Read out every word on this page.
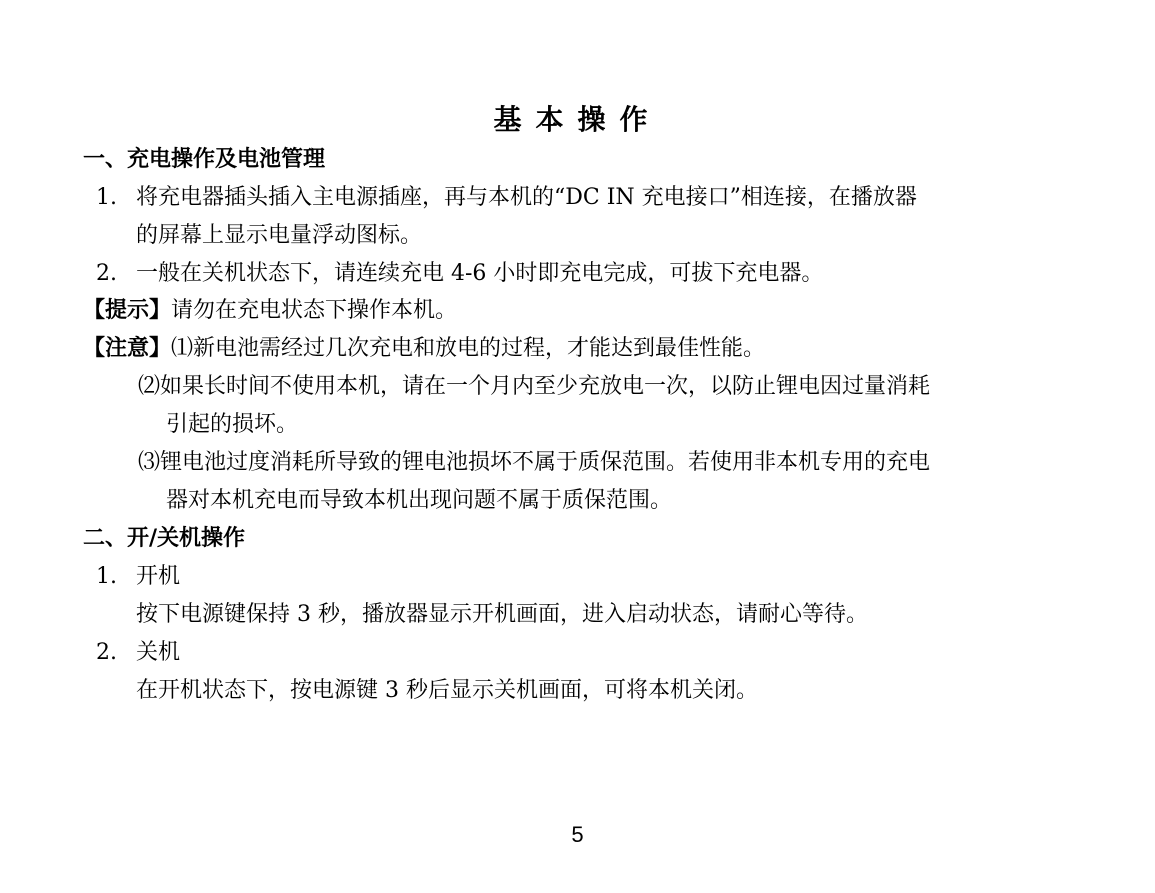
基本操作
一、充电操作及电池管理
1. 将充电器插头插入主电源插座，再与本机的“DC IN 充电接口”相连接，在播放器
的屏幕上显示电量浮动图标。
2. 一般在关机状态下，请连续充电 4-6 小时即充电完成，可拔下充电器。
【提示】请勿在充电状态下操作本机。
【注意】⑴新电池需经过几次充电和放电的过程，才能达到最佳性能。
⑵如果长时间不使用本机，请在一个月内至少充放电一次，以防止锂电因过量消耗
引起的损坏。
⑶锂电池过度消耗所导致的锂电池损坏不属于质保范围。若使用非本机专用的充电
器对本机充电而导致本机出现问题不属于质保范围。
二、开/关机操作
1. 开机
按下电源键保持 3 秒，播放器显示开机画面，进入启动状态，请耐心等待。
2. 关机
在开机状态下，按电源键 3 秒后显示关机画面，可将本机关闭。
5
